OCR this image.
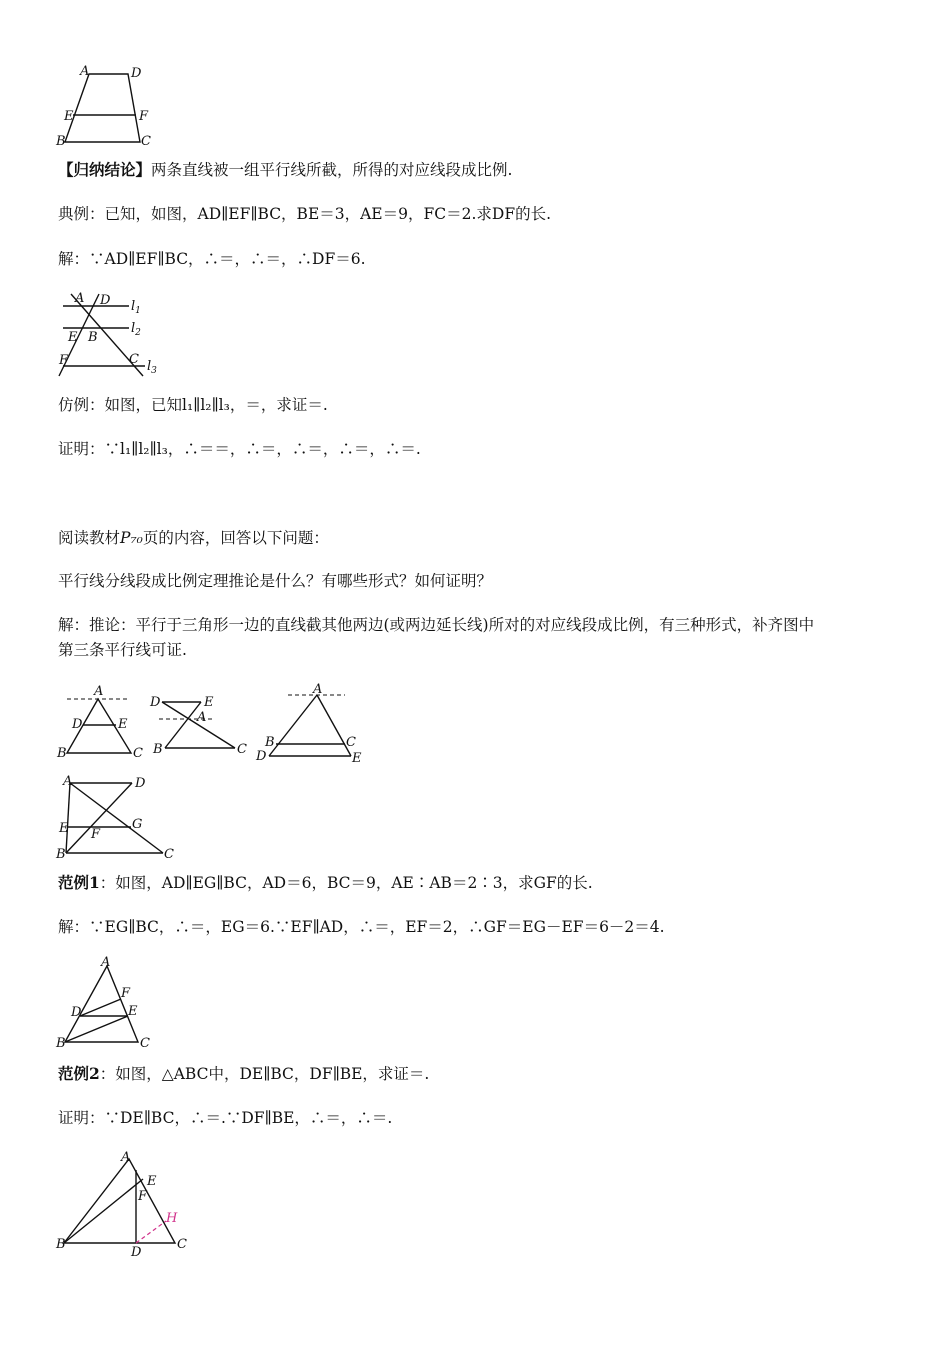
A	D
E	F
B	C
【归纳结论】两条直线被一组平行线所截，所得的对应线段成比例.
典例：已知，如图，AD∥EF∥BC，BE＝3，AE＝9，FC＝2.求DF的长.
解：∵AD∥EF∥BC，∴＝，∴＝，∴DF＝6.
A D
E B
F	C
$l_1$
$l_2$
$l_3$
仿例：如图，已知l₁∥l₂∥l₃，＝，求证＝.
证明：∵l₁∥l₂∥l₃，∴＝＝，∴＝，∴＝，∴＝，∴＝.
阅读教材P₇₀页的内容，回答以下问题：
平行线分线段成比例定理推论是什么？有哪些形式？如何证明？
解：推论：平行于三角形一边的直线截其他两边(或两边延长线)所对的对应线段成比例，有三种形式，补齐图中
第三条平行线可证.
A
D	E
B	C
D	E
A
B	C
A
B	C
D	E
A	D
E F
G
B	C
范例1：如图，AD∥EG∥BC，AD＝6，BC＝9，AE∶AB＝2∶3，求GF的长.
解：∵EG∥BC，∴＝，EG＝6.∵EF∥AD，∴＝，EF＝2，∴GF＝EG－EF＝6－2＝4.
A
F
E
D
B	C
范例2：如图，△ABC中，DE∥BC，DF∥BE，求证＝.
证明：∵DE∥BC，∴＝.∵DF∥BE，∴＝，∴＝.
A
E
F
H
B
D
C
